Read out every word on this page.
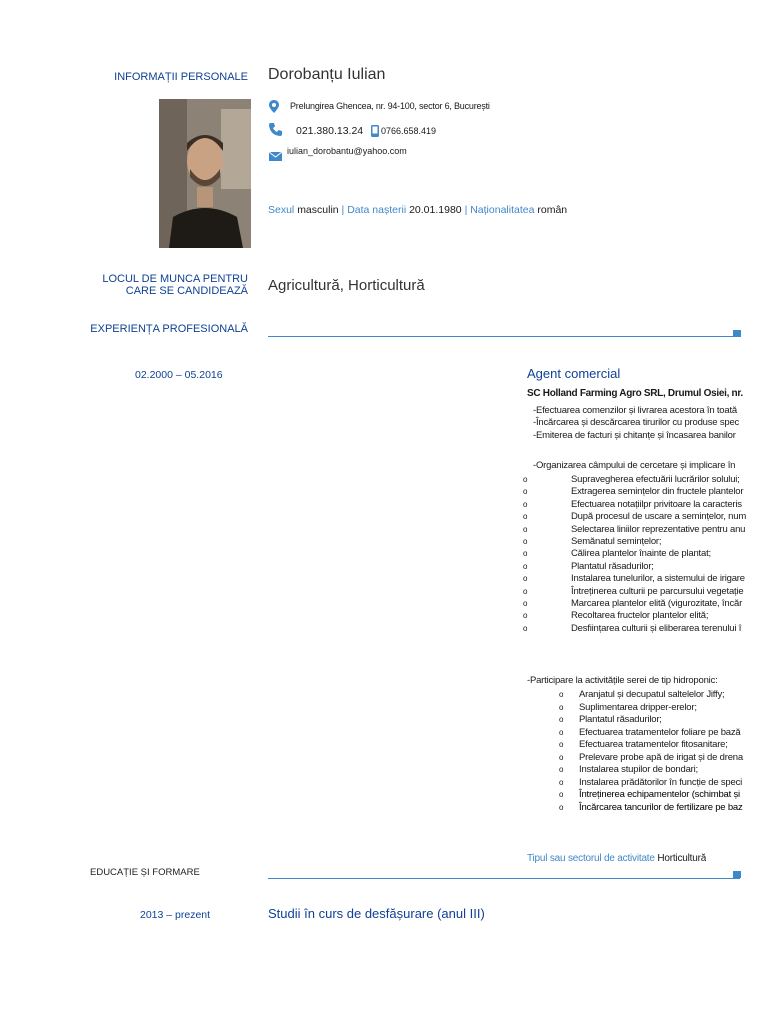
INFORMAȚII PERSONALE Dorobanțu Iulian
Prelungirea Ghencea, nr. 94-100, sector 6, București
021.380.13.24 0766.658.419
iulian_dorobantu@yahoo.com
Sexul masculin | Data nașterii 20.01.1980 | Naționalitatea român
LOCUL DE MUNCA PENTRU
CARE SE CANDIDEAZĂ Agricultură, Horticultură
EXPERIENȚA PROFESIONALĂ
02.2000 – 05.2016	Agent comercial
SC Holland Farming Agro SRL, Drumul Osiei, nr.
-Efectuarea comenzilor și livrarea acestora în toată
-Încărcarea și descărcarea tirurilor cu produse spec
-Emiterea de facturi și chitanțe și încasarea banilor
-Organizarea câmpului de cercetare și implicare în
o	Supravegherea efectuării lucrărilor solului;
o	Extragerea semințelor din fructele plantelor
o	Efectuarea notațiilpr privitoare la caracteris
o	După procesul de uscare a semințelor, num
o	Selectarea liniilor reprezentative pentru anu
o	Semănatul semințelor;
o	Călirea plantelor înainte de plantat;
o	Plantatul răsadurilor;
o	Instalarea tunelurilor, a sistemului de irigare
o	Întreținerea culturii pe parcursului vegetație
o	Marcarea plantelor elită (vigurozitate, încăr
o	Recoltarea fructelor plantelor elită;
o	Desființarea culturii și eliberarea terenului î
-Participare la activitățile serei de tip hidroponic:
o Aranjatul și decupatul saltelelor Jiffy;
o Suplimentarea dripper-erelor;
o Plantatul răsadurilor;
o Efectuarea tratamentelor foliare pe bază
o Efectuarea tratamentelor fitosanitare;
o Prelevare probe apă de irigat și de drena
o Instalarea stupilor de bondari;
o Instalarea prădătorilor în funcție de speci
o Întreținerea echipamentelor (schimbat și
o Încărcarea tancurilor de fertilizare pe baz
Tipul sau sectorul de activitate Horticultură
EDUCAȚIE ȘI FORMARE
2013 – prezent	Studii în curs de desfășurare (anul III)
